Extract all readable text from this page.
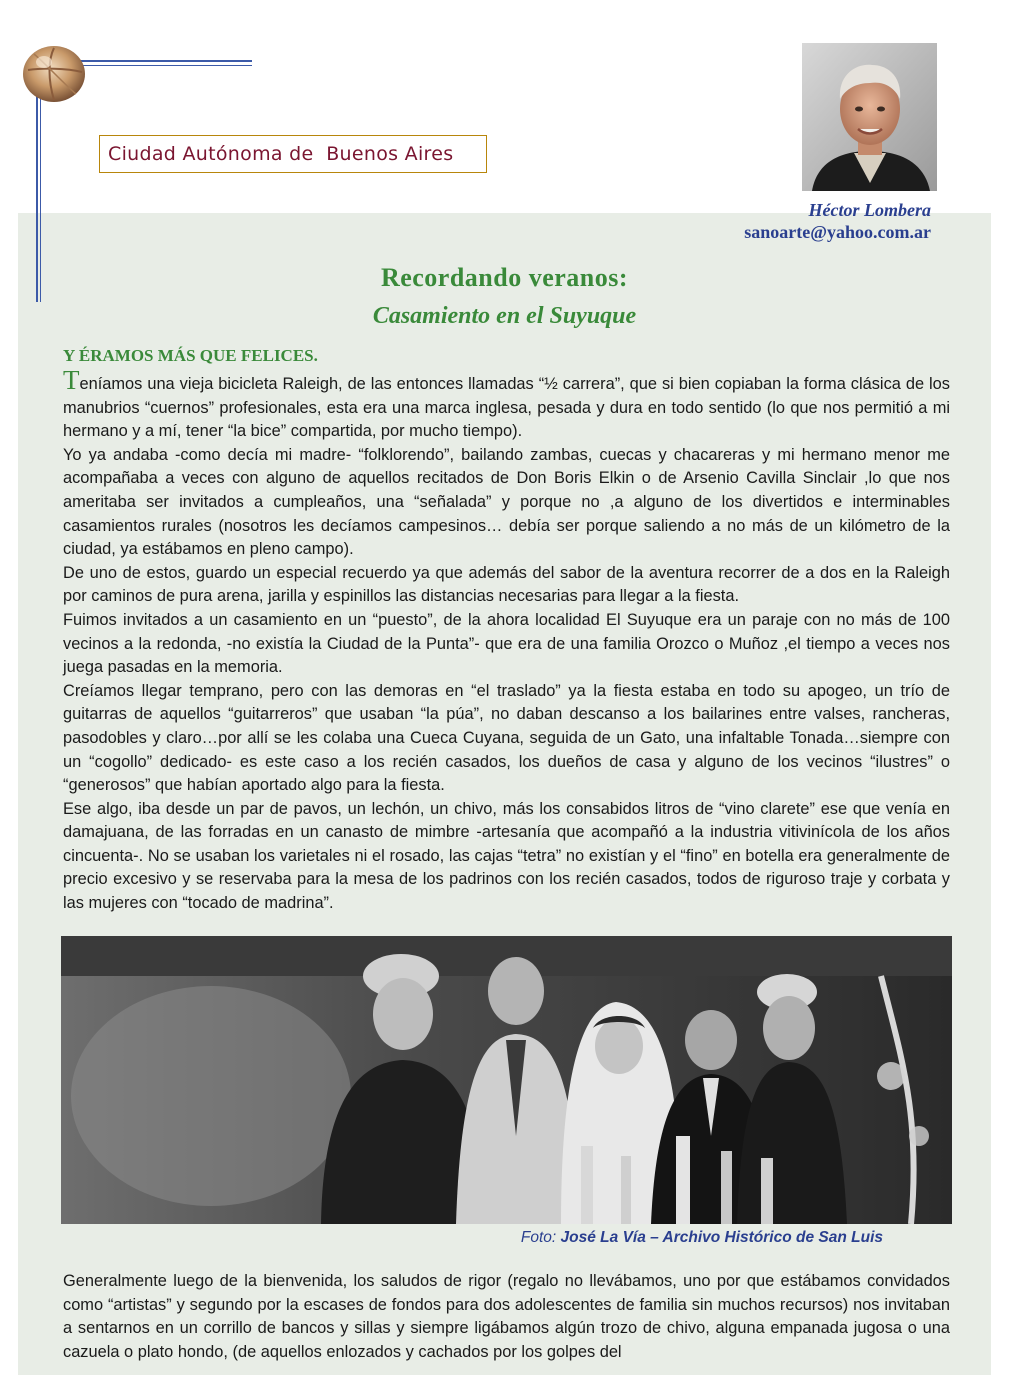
Ciudad Autónoma de  Buenos Aires
Héctor Lombera
sanoarte@yahoo.com.ar
Recordando veranos:
Casamiento en el Suyuque
Y ÉRAMOS MÁS QUE FELICES.

Teníamos una vieja bicicleta Raleigh, de las entonces llamadas “½ carrera”, que si bien copiaban la forma clásica de los manubrios “cuernos” profesionales, esta era una marca inglesa, pesada y dura en todo sentido (lo que nos permitió a mi hermano y a mí, tener “la bice” compartida, por mucho tiempo).

Yo ya andaba -como decía mi madre- “folklorendo”, bailando zambas, cuecas y chacareras y mi hermano menor me acompañaba a veces con alguno de aquellos recitados de Don Boris Elkin o de Arsenio Cavilla Sinclair ,lo que nos ameritaba ser invitados a cumpleaños, una “señalada” y porque no ,a alguno de los divertidos e interminables casamientos rurales (nosotros les decíamos campesinos… debía ser porque saliendo a no más de un kilómetro de la ciudad, ya estábamos en pleno campo).

De uno de estos, guardo un especial recuerdo ya que además del sabor de la aventura recorrer de a dos en la Raleigh por caminos de pura arena, jarilla y espinillos las distancias necesarias para llegar a la fiesta.

Fuimos invitados a un casamiento en un “puesto”, de la ahora localidad El Suyuque era un paraje con no más de 100 vecinos a la redonda, -no existía la Ciudad de la Punta”- que era de una familia Orozco o Muñoz ,el tiempo a veces nos juega pasadas en la memoria.

Creíamos llegar temprano, pero con las demoras en “el traslado” ya la fiesta estaba en todo su apogeo, un trío de guitarras de aquellos “guitarreros” que usaban “la púa”, no daban descanso a los bailarines entre valses, rancheras, pasodobles y claro…por allí se les colaba una Cueca Cuyana, seguida de un Gato, una infaltable Tonada…siempre con un “cogollo” dedicado- es este caso a los recién casados, los dueños de casa y alguno de los vecinos “ilustres” o “generosos” que habían aportado algo para la fiesta.

Ese algo, iba desde un par de pavos, un lechón, un chivo, más los consabidos litros de “vino clarete” ese que venía en damajuana, de las forradas en un canasto de mimbre -artesanía que acompañó a la industria vitivinícola de los años cincuenta-. No se usaban los varietales ni el rosado, las cajas “tetra” no existían y el “fino” en botella era generalmente de precio excesivo y se reservaba para la mesa de los padrinos con los recién casados, todos de riguroso traje y corbata y las mujeres con “tocado de madrina”.

Foto: José La Vía – Archivo Histórico de San Luis

Generalmente luego de la bienvenida, los saludos de rigor (regalo no llevábamos, uno por que estábamos convidados como “artistas” y segundo por la escases de fondos para dos adolescentes de familia sin muchos recursos) nos invitaban a sentarnos en un corrillo de bancos y sillas y siempre ligábamos algún trozo de chivo, alguna empanada jugosa o una cazuela o plato hondo, (de aquellos enlozados y cachados por los golpes del
